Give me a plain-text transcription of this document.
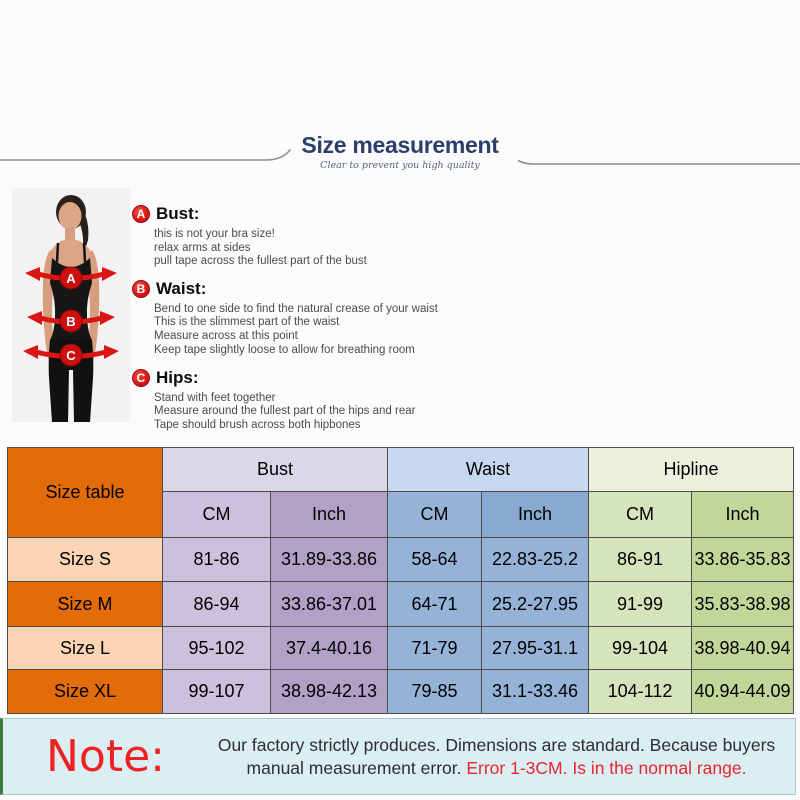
Size measurement
Clear to prevent you high quality
A
B
C
A Bust:
this is not your bra size!
relax arms at sides
pull tape across the fullest part of the bust
B Waist:
Bend to one side to find the natural crease of your waist
This is the slimmest part of the waist
Measure across at this point
Keep tape slightly loose to allow for breathing room
C Hips:
Stand with feet together
Measure around the fullest part of the hips and rear
Tape should brush across both hipbones
Size table	Bust		Waist		Hipline	
	CM	Inch	CM	Inch	CM	Inch
Size S	81-86	31.89-33.86	58-64	22.83-25.2	86-91	33.86-35.83
Size M	86-94	33.86-37.01	64-71	25.2-27.95	91-99	35.83-38.98
Size L	95-102	37.4-40.16	71-79	27.95-31.1	99-104	38.98-40.94
Size XL	99-107	38.98-42.13	79-85	31.1-33.46	104-112	40.94-44.09
Note:	Our factory strictly produces. Dimensions are standard. Because buyers
manual measurement error. Error 1-3CM. Is in the normal range.
